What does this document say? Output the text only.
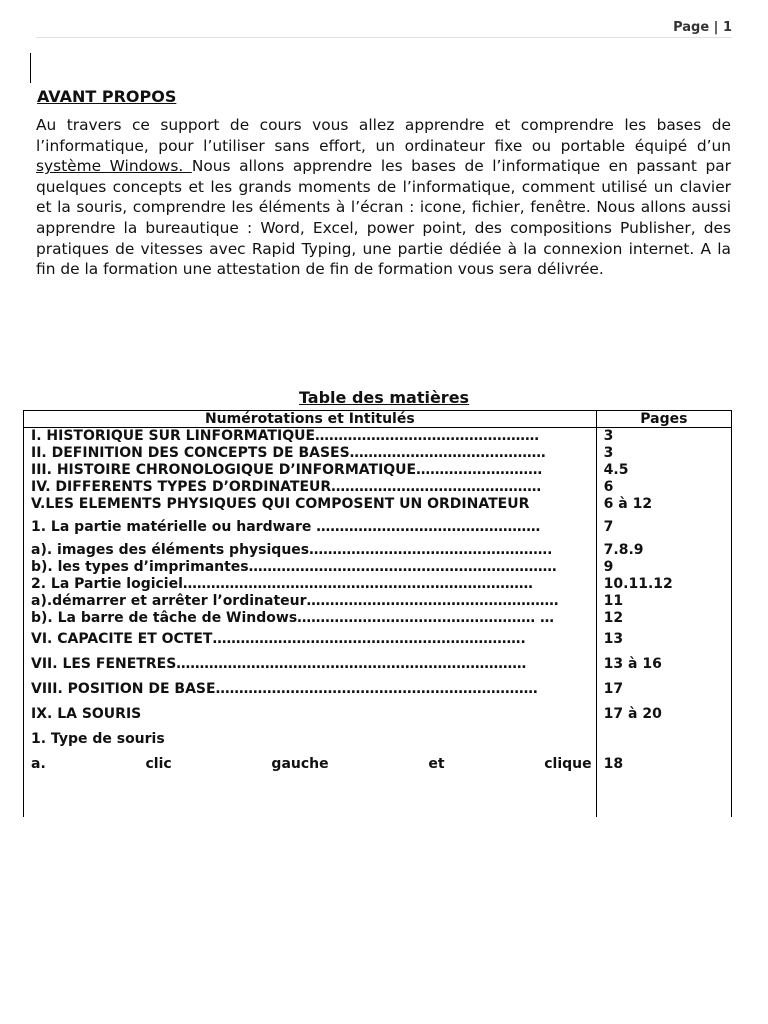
Page | 1
AVANT PROPOS

Au travers ce support de cours vous allez apprendre et comprendre les bases de l’informatique, pour l’utiliser sans effort, un ordinateur fixe ou portable équipé d’un système Windows. Nous allons apprendre les bases de l’informatique en passant par quelques concepts et les grands moments de l’informatique, comment utilisé un clavier et la souris, comprendre les éléments à l’écran : icone, fichier, fenêtre. Nous allons aussi apprendre la bureautique : Word, Excel, power point, des compositions Publisher, des pratiques de vitesses avec Rapid Typing, une partie dédiée à la connexion internet. A la fin de la formation une attestation de fin de formation vous sera délivrée.

Table des matières
Numérotations et Intitulés	Pages

I. HISTORIQUE SUR LINFORMATIQUE…………………………………………	3

II. DEFINITION DES CONCEPTS DE BASES……………………………………	3

III. HISTOIRE CHRONOLOGIQUE D’INFORMATIQUE………………………	4.5

IV. DIFFERENTS TYPES D’ORDINATEUR………………………………………	6

V.LES ELEMENTS PHYSIQUES QUI COMPOSENT UN ORDINATEUR	6 à 12

1. La partie matérielle ou hardware …………………………………………	7

a). images des éléments physiques…………………………………………….	7.8.9

b). les types d’imprimantes…………………………………………………………	9

2. La Partie logiciel…………………………………………………………………	10.11.12

a).démarrer et arrêter l’ordinateur………………………………………………	11

b). La barre de tâche de Windows…………………………………………… …	12

VI. CAPACITE ET OCTET………………………………………………………….	13

VII. LES FENETRES…………………………………………………………………	13 à 16

VIII. POSITION DE BASE……………………………………………………………	17

IX. LA SOURIS	17 à 20

1. Type de souris	

a. clic gauche et clique	18
